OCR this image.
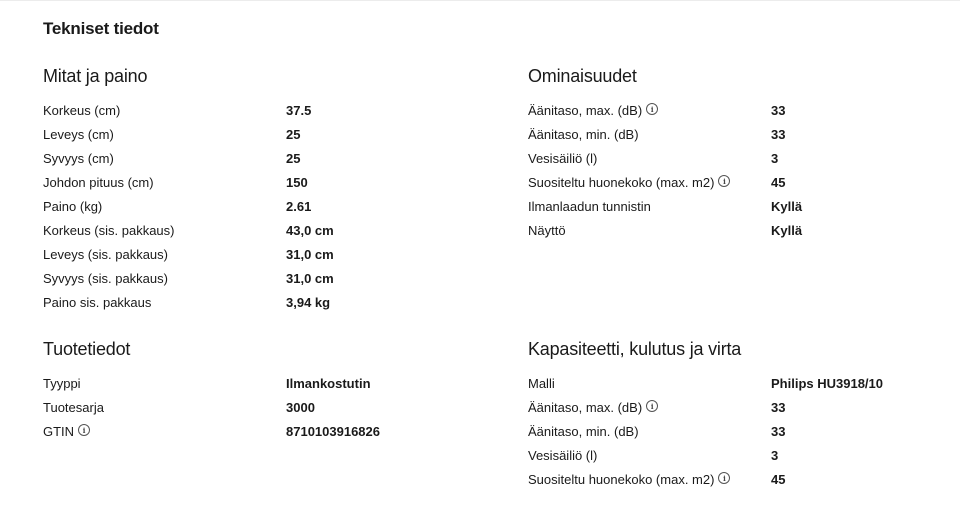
Tekniset tiedot
Mitat ja paino
Korkeus (cm)	37.5
Leveys (cm)	25
Syvyys (cm)	25
Johdon pituus (cm)	150
Paino (kg)	2.61
Korkeus (sis. pakkaus)	43,0 cm
Leveys (sis. pakkaus)	31,0 cm
Syvyys (sis. pakkaus)	31,0 cm
Paino sis. pakkaus	3,94 kg
Ominaisuudet
Äänitaso, max. (dB)	i	33
Äänitaso, min. (dB)	33
Vesisäiliö (l)	3
Suositeltu huonekoko (max. m2)	i	45
Ilmanlaadun tunnistin	Kyllä
Näyttö	Kyllä
Tuotetiedot
Tyyppi	Ilmankostutin
Tuotesarja	3000
GTIN	i	8710103916826
Kapasiteetti, kulutus ja virta
Malli	Philips HU3918/10
Äänitaso, max. (dB)	i	33
Äänitaso, min. (dB)	33
Vesisäiliö (l)	3
Suositeltu huonekoko (max. m2)	i	45
